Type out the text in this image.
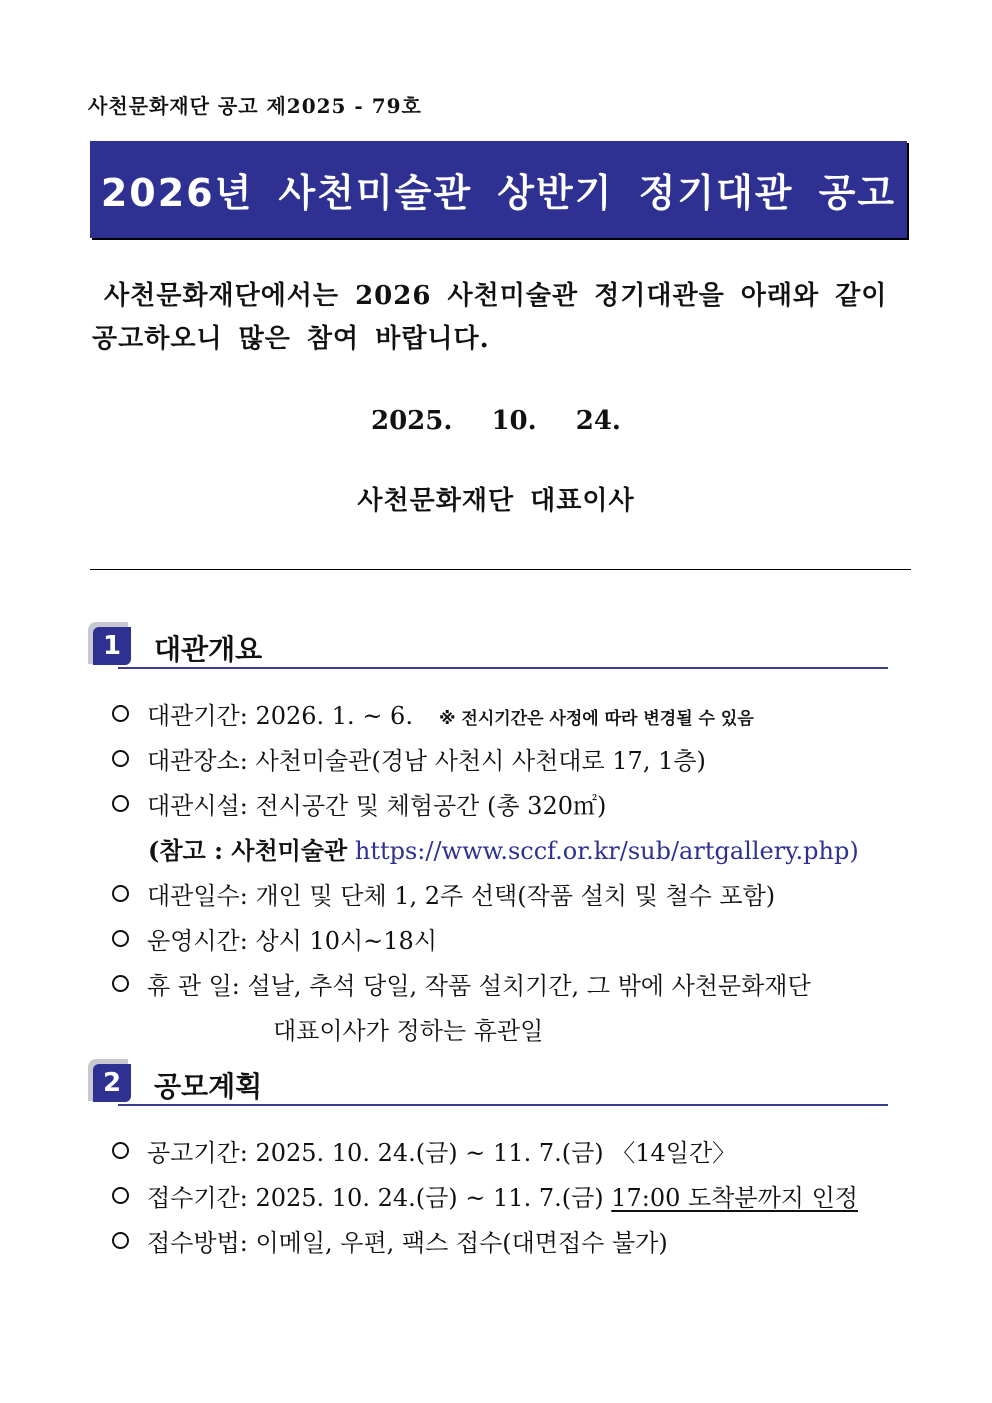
사천문화재단 공고 제2025 - 79호
2026년 사천미술관 상반기 정기대관 공고
사천문화재단에서는 2026 사천미술관 정기대관을 아래와 같이
공고하오니 많은 참여 바랍니다.
2025. 10. 24.
사천문화재단 대표이사
1	대관개요
대관기간: 2026. 1. ~ 6. ※ 전시기간은 사정에 따라 변경될 수 있음
대관장소: 사천미술관(경남 사천시 사천대로 17, 1층)
대관시설: 전시공간 및 체험공간 (총 320㎡)
(참고 : 사천미술관 https://www.sccf.or.kr/sub/artgallery.php)
대관일수: 개인 및 단체 1, 2주 선택(작품 설치 및 철수 포함)
운영시간: 상시 10시~18시
휴 관 일: 설날, 추석 당일, 작품 설치기간, 그 밖에 사천문화재단
대표이사가 정하는 휴관일
2	공모계획
공고기간: 2025. 10. 24.(금) ~ 11. 7.(금) 〈14일간〉
접수기간: 2025. 10. 24.(금) ~ 11. 7.(금) 17:00 도착분까지 인정
접수방법: 이메일, 우편, 팩스 접수(대면접수 불가)
